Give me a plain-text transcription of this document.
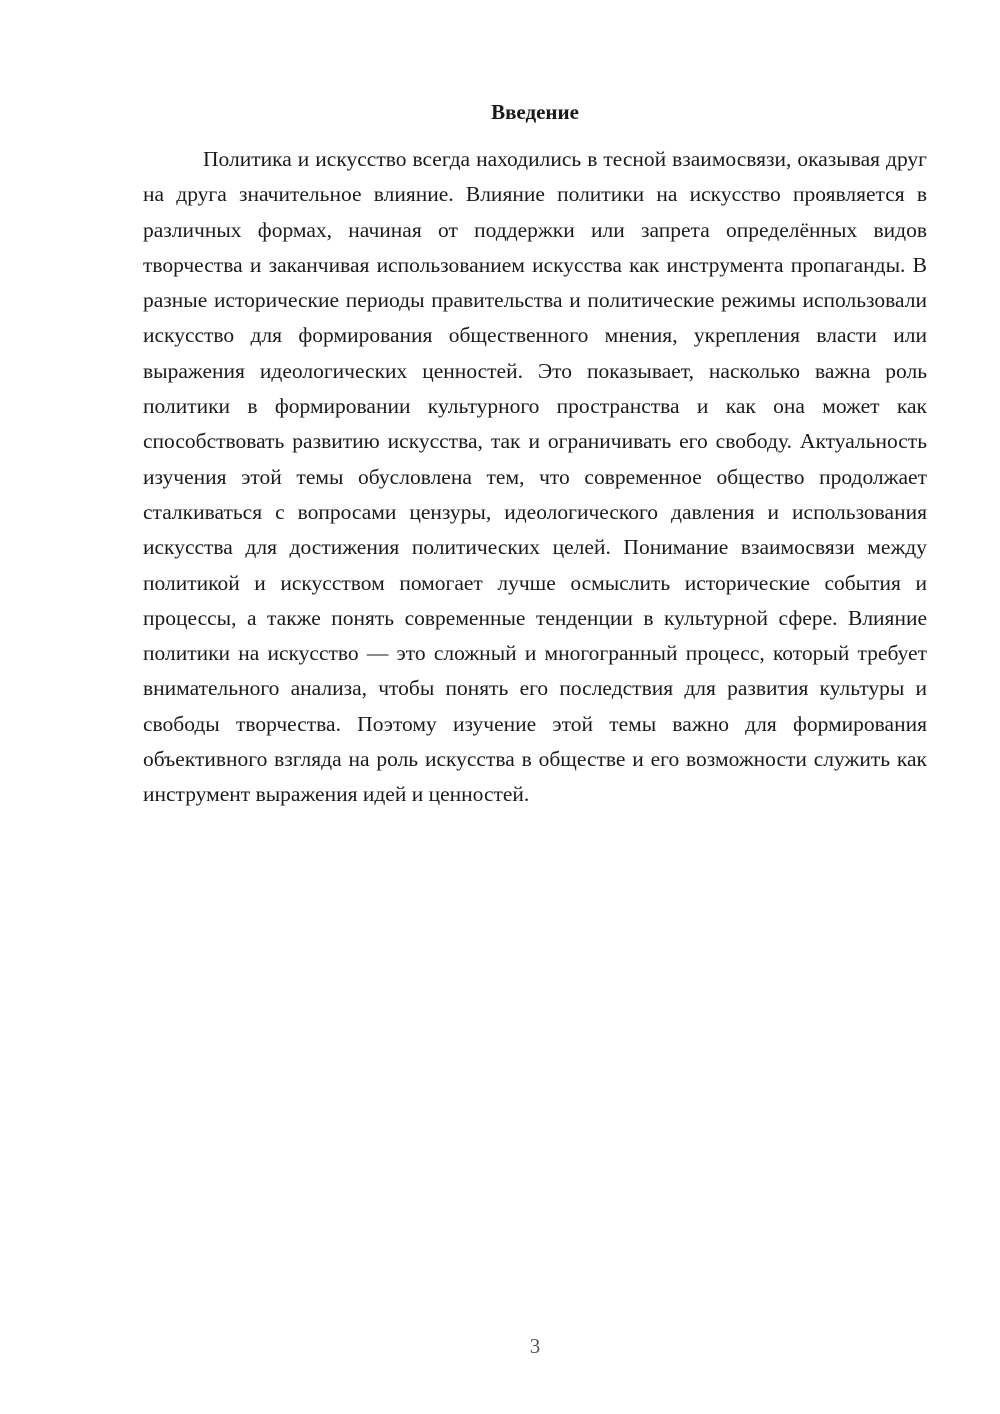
Введение

Политика и искусство всегда находились в тесной взаимосвязи, оказывая друг на друга значительное влияние. Влияние политики на искусство проявляется в различных формах, начиная от поддержки или запрета определённых видов творчества и заканчивая использованием искусства как инструмента пропаганды. В разные исторические периоды правительства и политические режимы использовали искусство для формирования общественного мнения, укрепления власти или выражения идеологических ценностей. Это показывает, насколько важна роль политики в формировании культурного пространства и как она может как способствовать развитию искусства, так и ограничивать его свободу. Актуальность изучения этой темы обусловлена тем, что современное общество продолжает сталкиваться с вопросами цензуры, идеологического давления и использования искусства для достижения политических целей. Понимание взаимосвязи между политикой и искусством помогает лучше осмыслить исторические события и процессы, а также понять современные тенденции в культурной сфере. Влияние политики на искусство — это сложный и многогранный процесс, который требует внимательного анализа, чтобы понять его последствия для развития культуры и свободы творчества. Поэтому изучение этой темы важно для формирования объективного взгляда на роль искусства в обществе и его возможности служить как инструмент выражения идей и ценностей.

3
